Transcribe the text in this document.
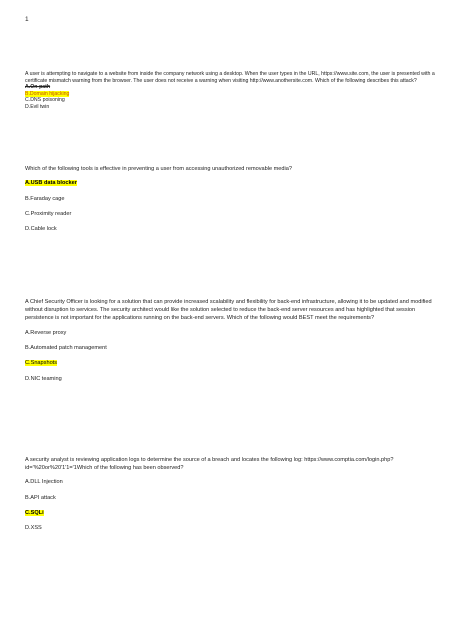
1

A user is attempting to navigate to a website from inside the company network using a desktop. When the user types in the URL, https://www.site.com, the user is presented with a certificate mismatch warning from the browser. The user does not receive a warning when visiting http://www.anothersite.com. Which of the following describes this attack?

A.On-path
B.Domain hijacking
C.DNS poisoning
D.Evil twin

Which of the following tools is effective in preventing a user from accessing unauthorized removable media?

A.USB data blocker
B.Faraday cage
C.Proximity reader
D.Cable lock

A Chief Security Officer is looking for a solution that can provide increased scalability and flexibility for back-end infrastructure, allowing it to be updated and modified without disruption to services. The security architect would like the solution selected to reduce the back-end server resources and has highlighted that session persistence is not important for the applications running on the back-end servers. Which of the following would BEST meet the requirements?

A.Reverse proxy
B.Automated patch management
C.Snapshots
D.NIC teaming

A security analyst is reviewing application logs to determine the source of a breach and locates the following log: https://www.comptia.com/login.php?id='%20or%20'1'1='1Which of the following has been observed?

A.DLL Injection
B.API attack
C.SQLi
D.XSS
